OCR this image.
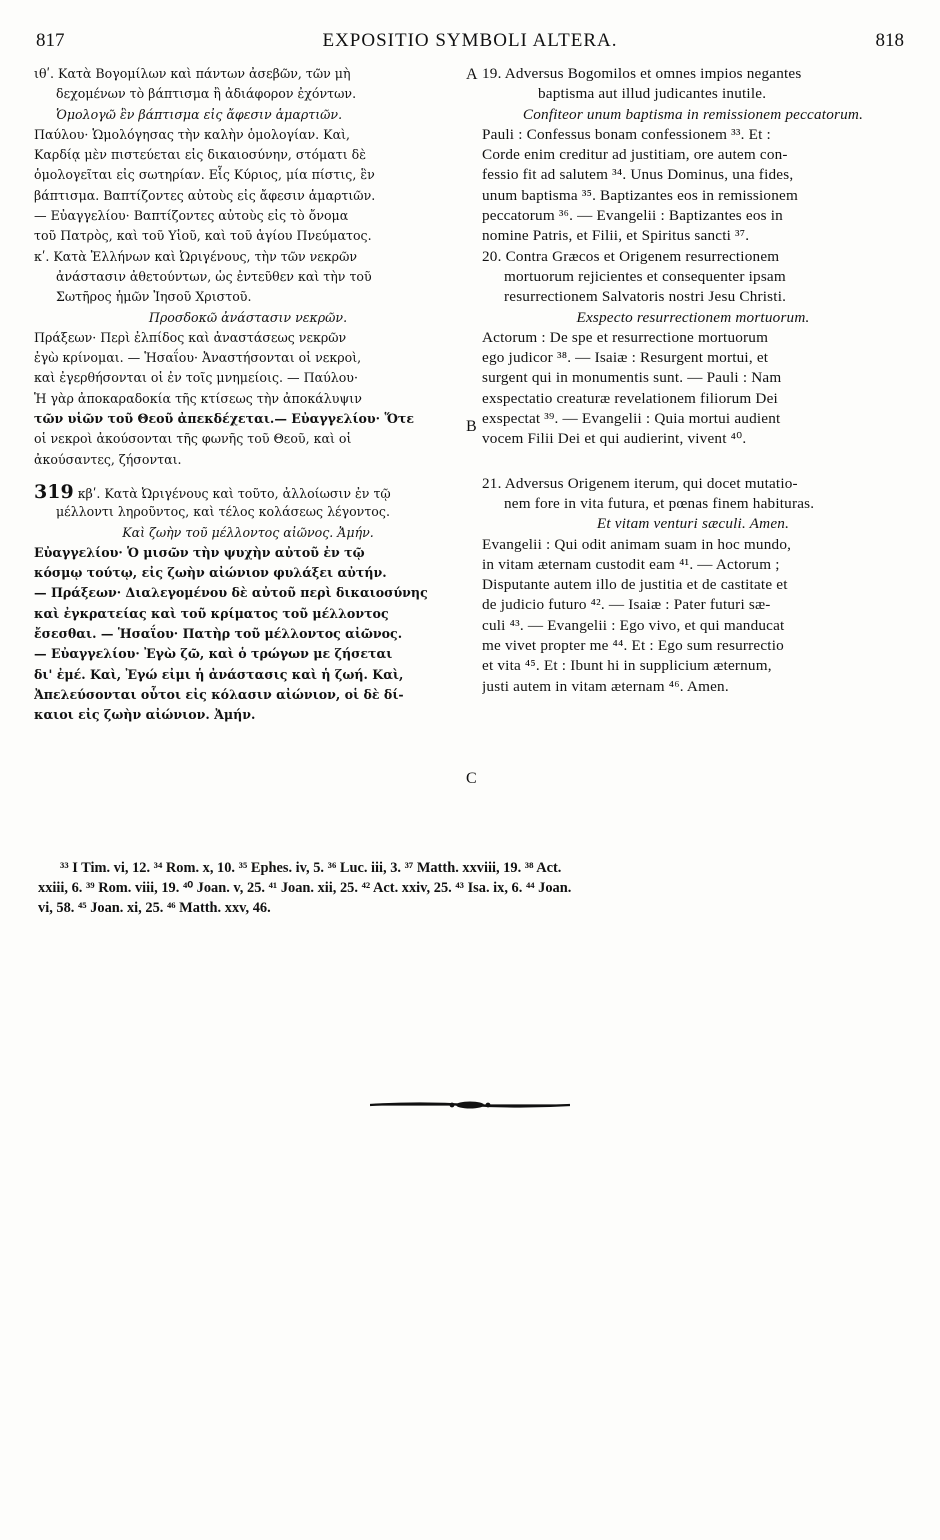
817	EXPOSITIO SYMBOLI ALTERA.	818
A
B
C
ιθʹ. Κατὰ Βογομίλων καὶ πάντων ἀσεβῶν, τῶν μὴ
δεχομένων τὸ βάπτισμα ἢ ἀδιάφορον ἐχόντων.
Ὁμολογῶ ἓν βάπτισμα εἰς ἄφεσιν ἁμαρτιῶν.
Παύλου· Ὡμολόγησας τὴν καλὴν ὁμολογίαν. Καὶ,
Καρδίᾳ μὲν πιστεύεται εἰς δικαιοσύνην, στόματι δὲ
ὁμολογεῖται εἰς σωτηρίαν. Εἷς Κύριος, μία πίστις, ἓν
βάπτισμα. Βαπτίζοντες αὐτοὺς εἰς ἄφεσιν ἁμαρτιῶν.
— Εὐαγγελίου· Βαπτίζοντες αὐτοὺς εἰς τὸ ὄνομα
τοῦ Πατρὸς, καὶ τοῦ Υἱοῦ, καὶ τοῦ ἁγίου Πνεύματος.
κʹ. Κατὰ Ἑλλήνων καὶ Ὠριγένους, τὴν τῶν νεκρῶν
ἀνάστασιν ἀθετούντων, ὡς ἐντεῦθεν καὶ τὴν τοῦ
Σωτῆρος ἡμῶν Ἰησοῦ Χριστοῦ.
Προσδοκῶ ἀνάστασιν νεκρῶν.
Πράξεων· Περὶ ἐλπίδος καὶ ἀναστάσεως νεκρῶν
ἐγὼ κρίνομαι. — Ἡσαΐου· Ἀναστήσονται οἱ νεκροὶ,
καὶ ἐγερθήσονται οἱ ἐν τοῖς μνημείοις. — Παύλου·
Ἡ γὰρ ἀποκαραδοκία τῆς κτίσεως τὴν ἀποκάλυψιν
τῶν υἱῶν τοῦ Θεοῦ ἀπεκδέχεται.— Εὐαγγελίου· Ὅτε
οἱ νεκροὶ ἀκούσονται τῆς φωνῆς τοῦ Θεοῦ, καὶ οἱ
ἀκούσαντες, ζήσονται.
319 κβʹ. Κατὰ Ὠριγένους καὶ τοῦτο, ἀλλοίωσιν ἐν τῷ
μέλλοντι ληροῦντος, καὶ τέλος κολάσεως λέγοντος.
Καὶ ζωὴν τοῦ μέλλοντος αἰῶνος. Ἀμήν.
Εὐαγγελίου· Ὁ μισῶν τὴν ψυχὴν αὐτοῦ ἐν τῷ
κόσμῳ τούτῳ, εἰς ζωὴν αἰώνιον φυλάξει αὐτήν.
— Πράξεων· Διαλεγομένου δὲ αὐτοῦ περὶ δικαιοσύνης
καὶ ἐγκρατείας καὶ τοῦ κρίματος τοῦ μέλλοντος
ἔσεσθαι. — Ἡσαΐου· Πατὴρ τοῦ μέλλοντος αἰῶνος.
— Εὐαγγελίου· Ἐγὼ ζῶ, καὶ ὁ τρώγων με ζήσεται
δι' ἐμέ. Καὶ, Ἐγώ εἰμι ἡ ἀνάστασις καὶ ἡ ζωή. Καὶ,
Ἀπελεύσονται οὗτοι εἰς κόλασιν αἰώνιον, οἱ δὲ δί-
καιοι εἰς ζωὴν αἰώνιον. Ἀμήν.
19. Adversus Bogomilos et omnes impios negantes
baptisma aut illud judicantes inutile.
Confiteor unum baptisma in remissionem peccatorum.
Pauli : Confessus bonam confessionem ³³. Et :
Corde enim creditur ad justitiam, ore autem con-
fessio fit ad salutem ³⁴. Unus Dominus, una fides,
unum baptisma ³⁵. Baptizantes eos in remissionem
peccatorum ³⁶. — Evangelii : Baptizantes eos in
nomine Patris, et Filii, et Spiritus sancti ³⁷.
20. Contra Græcos et Origenem resurrectionem
mortuorum rejicientes et consequenter ipsam
resurrectionem Salvatoris nostri Jesu Christi.
Exspecto resurrectionem mortuorum.
Actorum : De spe et resurrectione mortuorum
ego judicor ³⁸. — Isaiæ : Resurgent mortui, et
surgent qui in monumentis sunt. — Pauli : Nam
exspectatio creaturæ revelationem filiorum Dei
exspectat ³⁹. — Evangelii : Quia mortui audient
vocem Filii Dei et qui audierint, vivent ⁴⁰.
21. Adversus Origenem iterum, qui docet mutatio-
nem fore in vita futura, et pœnas finem habituras.
Et vitam venturi sæculi. Amen.
Evangelii : Qui odit animam suam in hoc mundo,
in vitam æternam custodit eam ⁴¹. — Actorum ;
Disputante autem illo de justitia et de castitate et
de judicio futuro ⁴². — Isaiæ : Pater futuri sæ-
culi ⁴³. — Evangelii : Ego vivo, et qui manducat
me vivet propter me ⁴⁴. Et : Ego sum resurrectio
et vita ⁴⁵. Et : Ibunt hi in supplicium æternum,
justi autem in vitam æternam ⁴⁶. Amen.
³³ I Tim. vi, 12. ³⁴ Rom. x, 10. ³⁵ Ephes. iv, 5. ³⁶ Luc. iii, 3. ³⁷ Matth. xxviii, 19. ³⁸ Act.
xxiii, 6. ³⁹ Rom. viii, 19. ⁴⁰ Joan. v, 25. ⁴¹ Joan. xii, 25. ⁴² Act. xxiv, 25. ⁴³ Isa. ix, 6. ⁴⁴ Joan.
vi, 58. ⁴⁵ Joan. xi, 25. ⁴⁶ Matth. xxv, 46.
